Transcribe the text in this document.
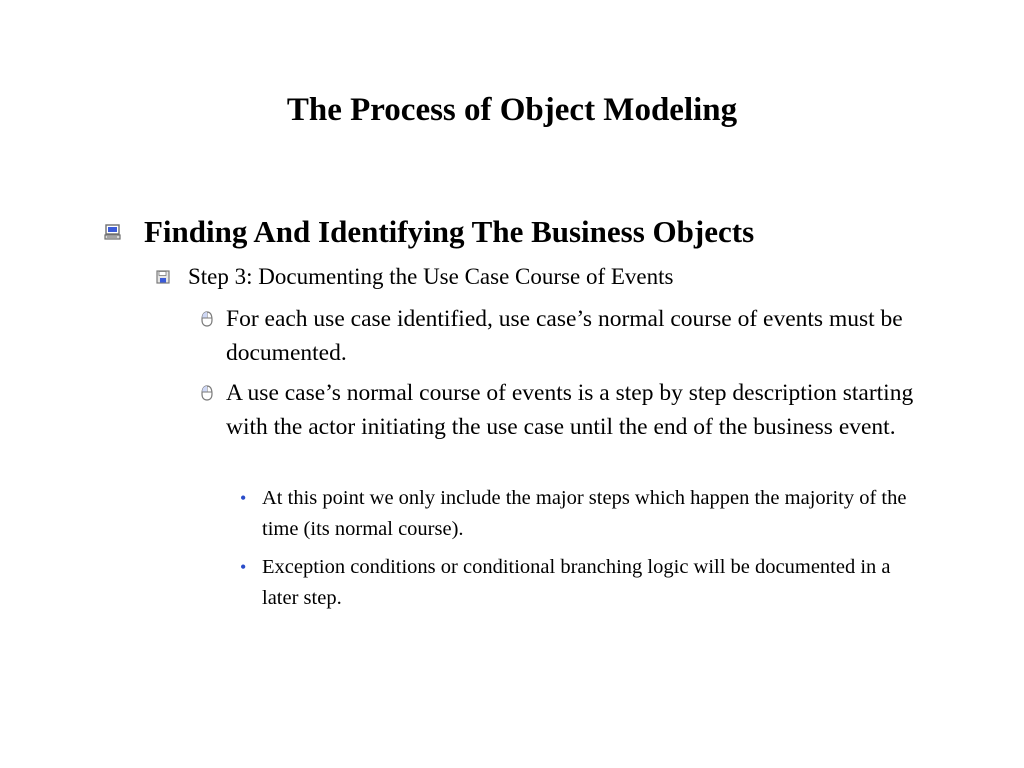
The Process of Object Modeling
Finding And Identifying The Business Objects
Step 3: Documenting the Use Case Course of Events
For each use case identified, use case’s normal course of events must be documented.
A use case’s normal course of events is a step by step description starting with the actor initiating the use case until the end of the business event.
• At this point we only include the major steps which happen the majority of the time (its normal course).
• Exception conditions or conditional branching logic will be documented in a later step.
